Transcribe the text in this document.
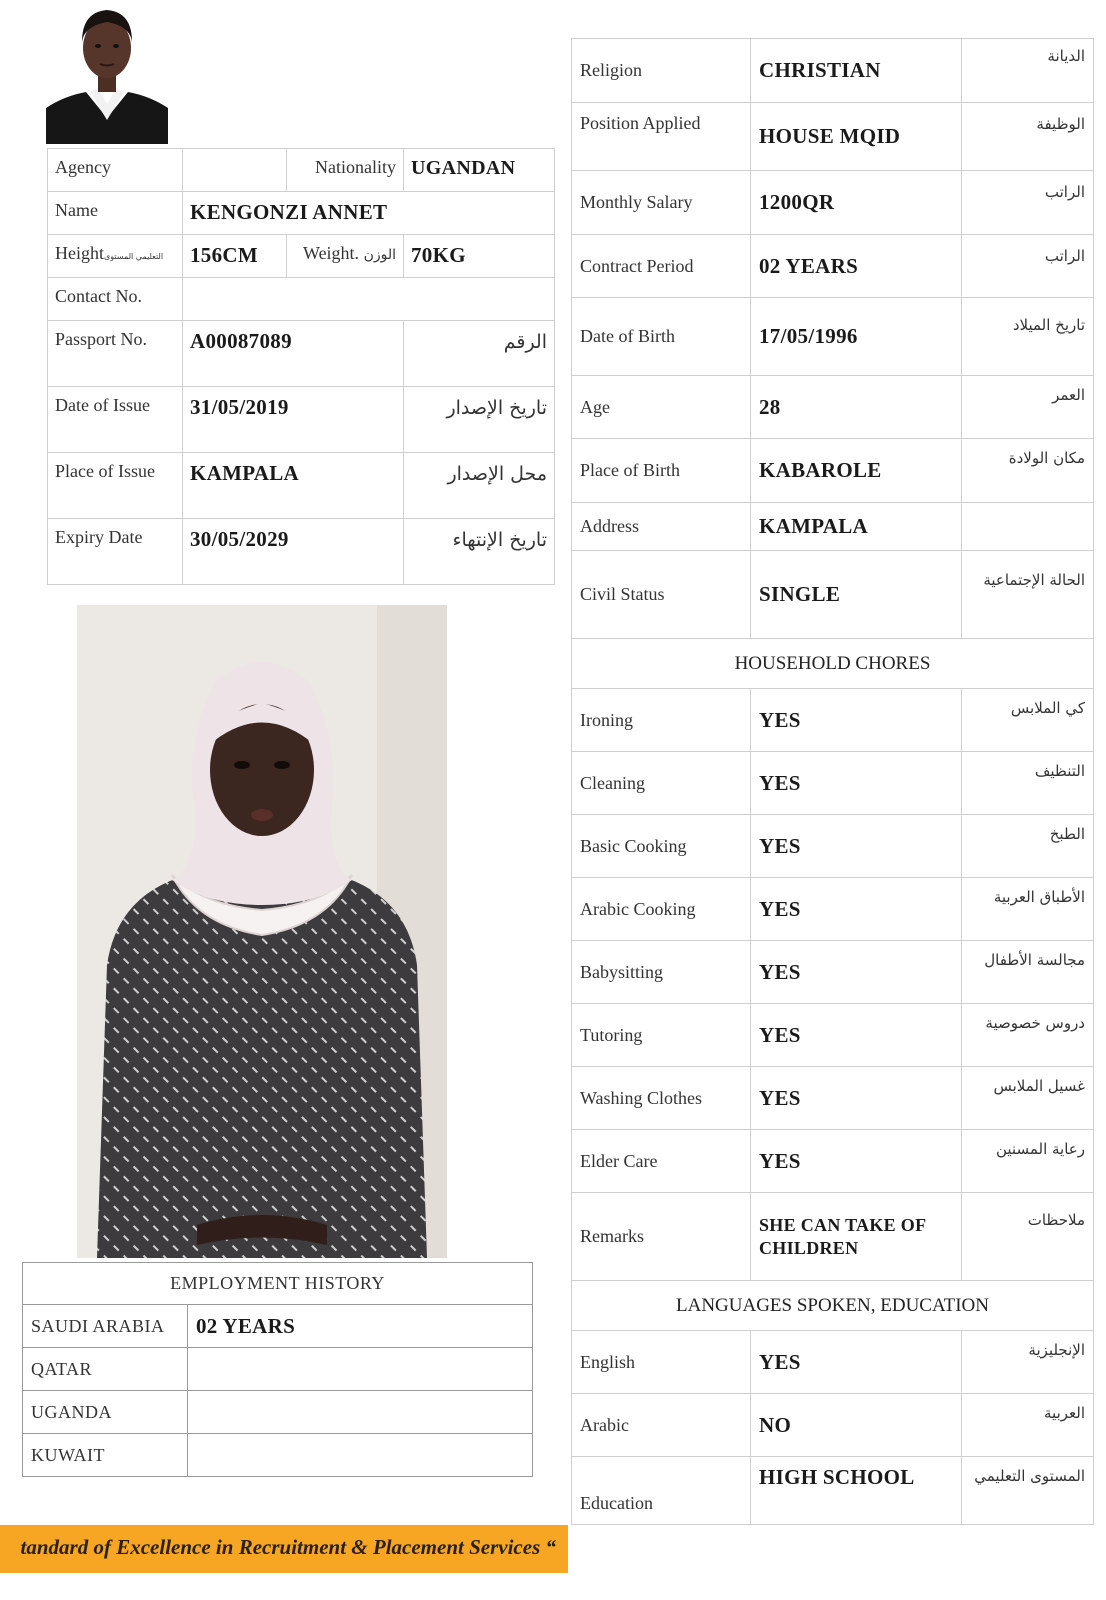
Agency		Nationality	UGANDAN
Name	KENGONZI ANNET		
Heightالتعليمي المستوى	156CM	Weight. الوزن	70KG
Contact No.			
Passport No.	A00087089		الرقم
Date of Issue	31/05/2019		تاريخ الإصدار
Place of Issue	KAMPALA		محل الإصدار
Expiry Date	30/05/2029		تاريخ الإنتهاء
EMPLOYMENT HISTORY	
SAUDI ARABIA	02 YEARS
QATAR	
UGANDA	
KUWAIT	
tandard of Excellence in Recruitment & Placement Services “
Religion	CHRISTIAN	الديانة
Position Applied	HOUSE MQID	الوظيفة
Monthly Salary	1200QR	الراتب
Contract Period	02 YEARS	الراتب
Date of Birth	17/05/1996	تاريخ الميلاد
Age	28	العمر
Place of Birth	KABAROLE	مكان الولادة
Address	KAMPALA	
Civil Status	SINGLE	الحالة الإجتماعية
HOUSEHOLD CHORES		
Ironing	YES	كي الملابس
Cleaning	YES	التنظيف
Basic Cooking	YES	الطبخ
Arabic Cooking	YES	الأطباق العربية
Babysitting	YES	مجالسة الأطفال
Tutoring	YES	دروس خصوصية
Washing Clothes	YES	غسيل الملابس
Elder Care	YES	رعاية المسنين
Remarks	SHE CAN TAKE OF CHILDREN	ملاحظات
LANGUAGES SPOKEN, EDUCATION		
English	YES	الإنجليزية
Arabic	NO	العربية
Education	HIGH SCHOOL	المستوى التعليمي
